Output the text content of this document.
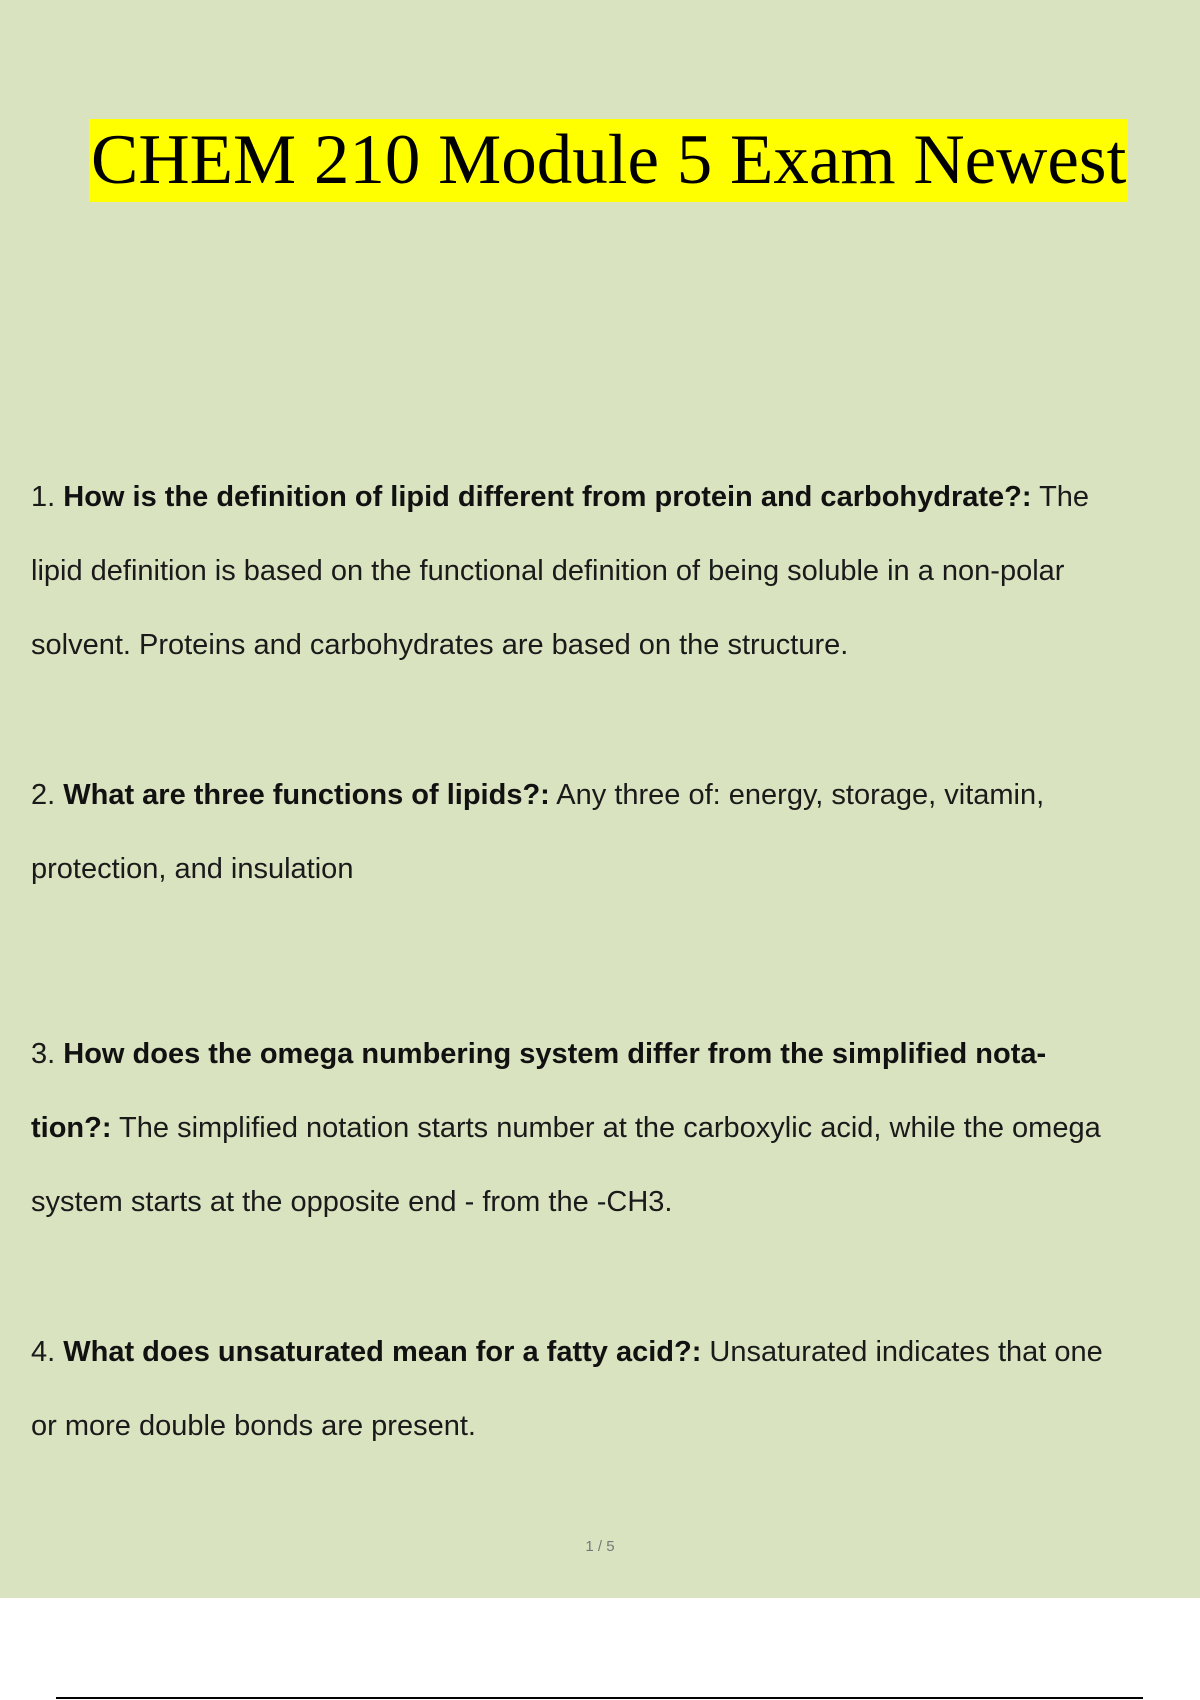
CHEM 210 Module 5 Exam Newest
1. How is the definition of lipid different from protein and carbohydrate?: The
lipid definition is based on the functional definition of being soluble in a non-polar
solvent. Proteins and carbohydrates are based on the structure.
2. What are three functions of lipids?: Any three of: energy, storage, vitamin,
protection, and insulation
3. How does the omega numbering system differ from the simplified nota-
tion?: The simplified notation starts number at the carboxylic acid, while the omega
system starts at the opposite end - from the -CH3.
4. What does unsaturated mean for a fatty acid?: Unsaturated indicates that one
or more double bonds are present.
1 / 5
